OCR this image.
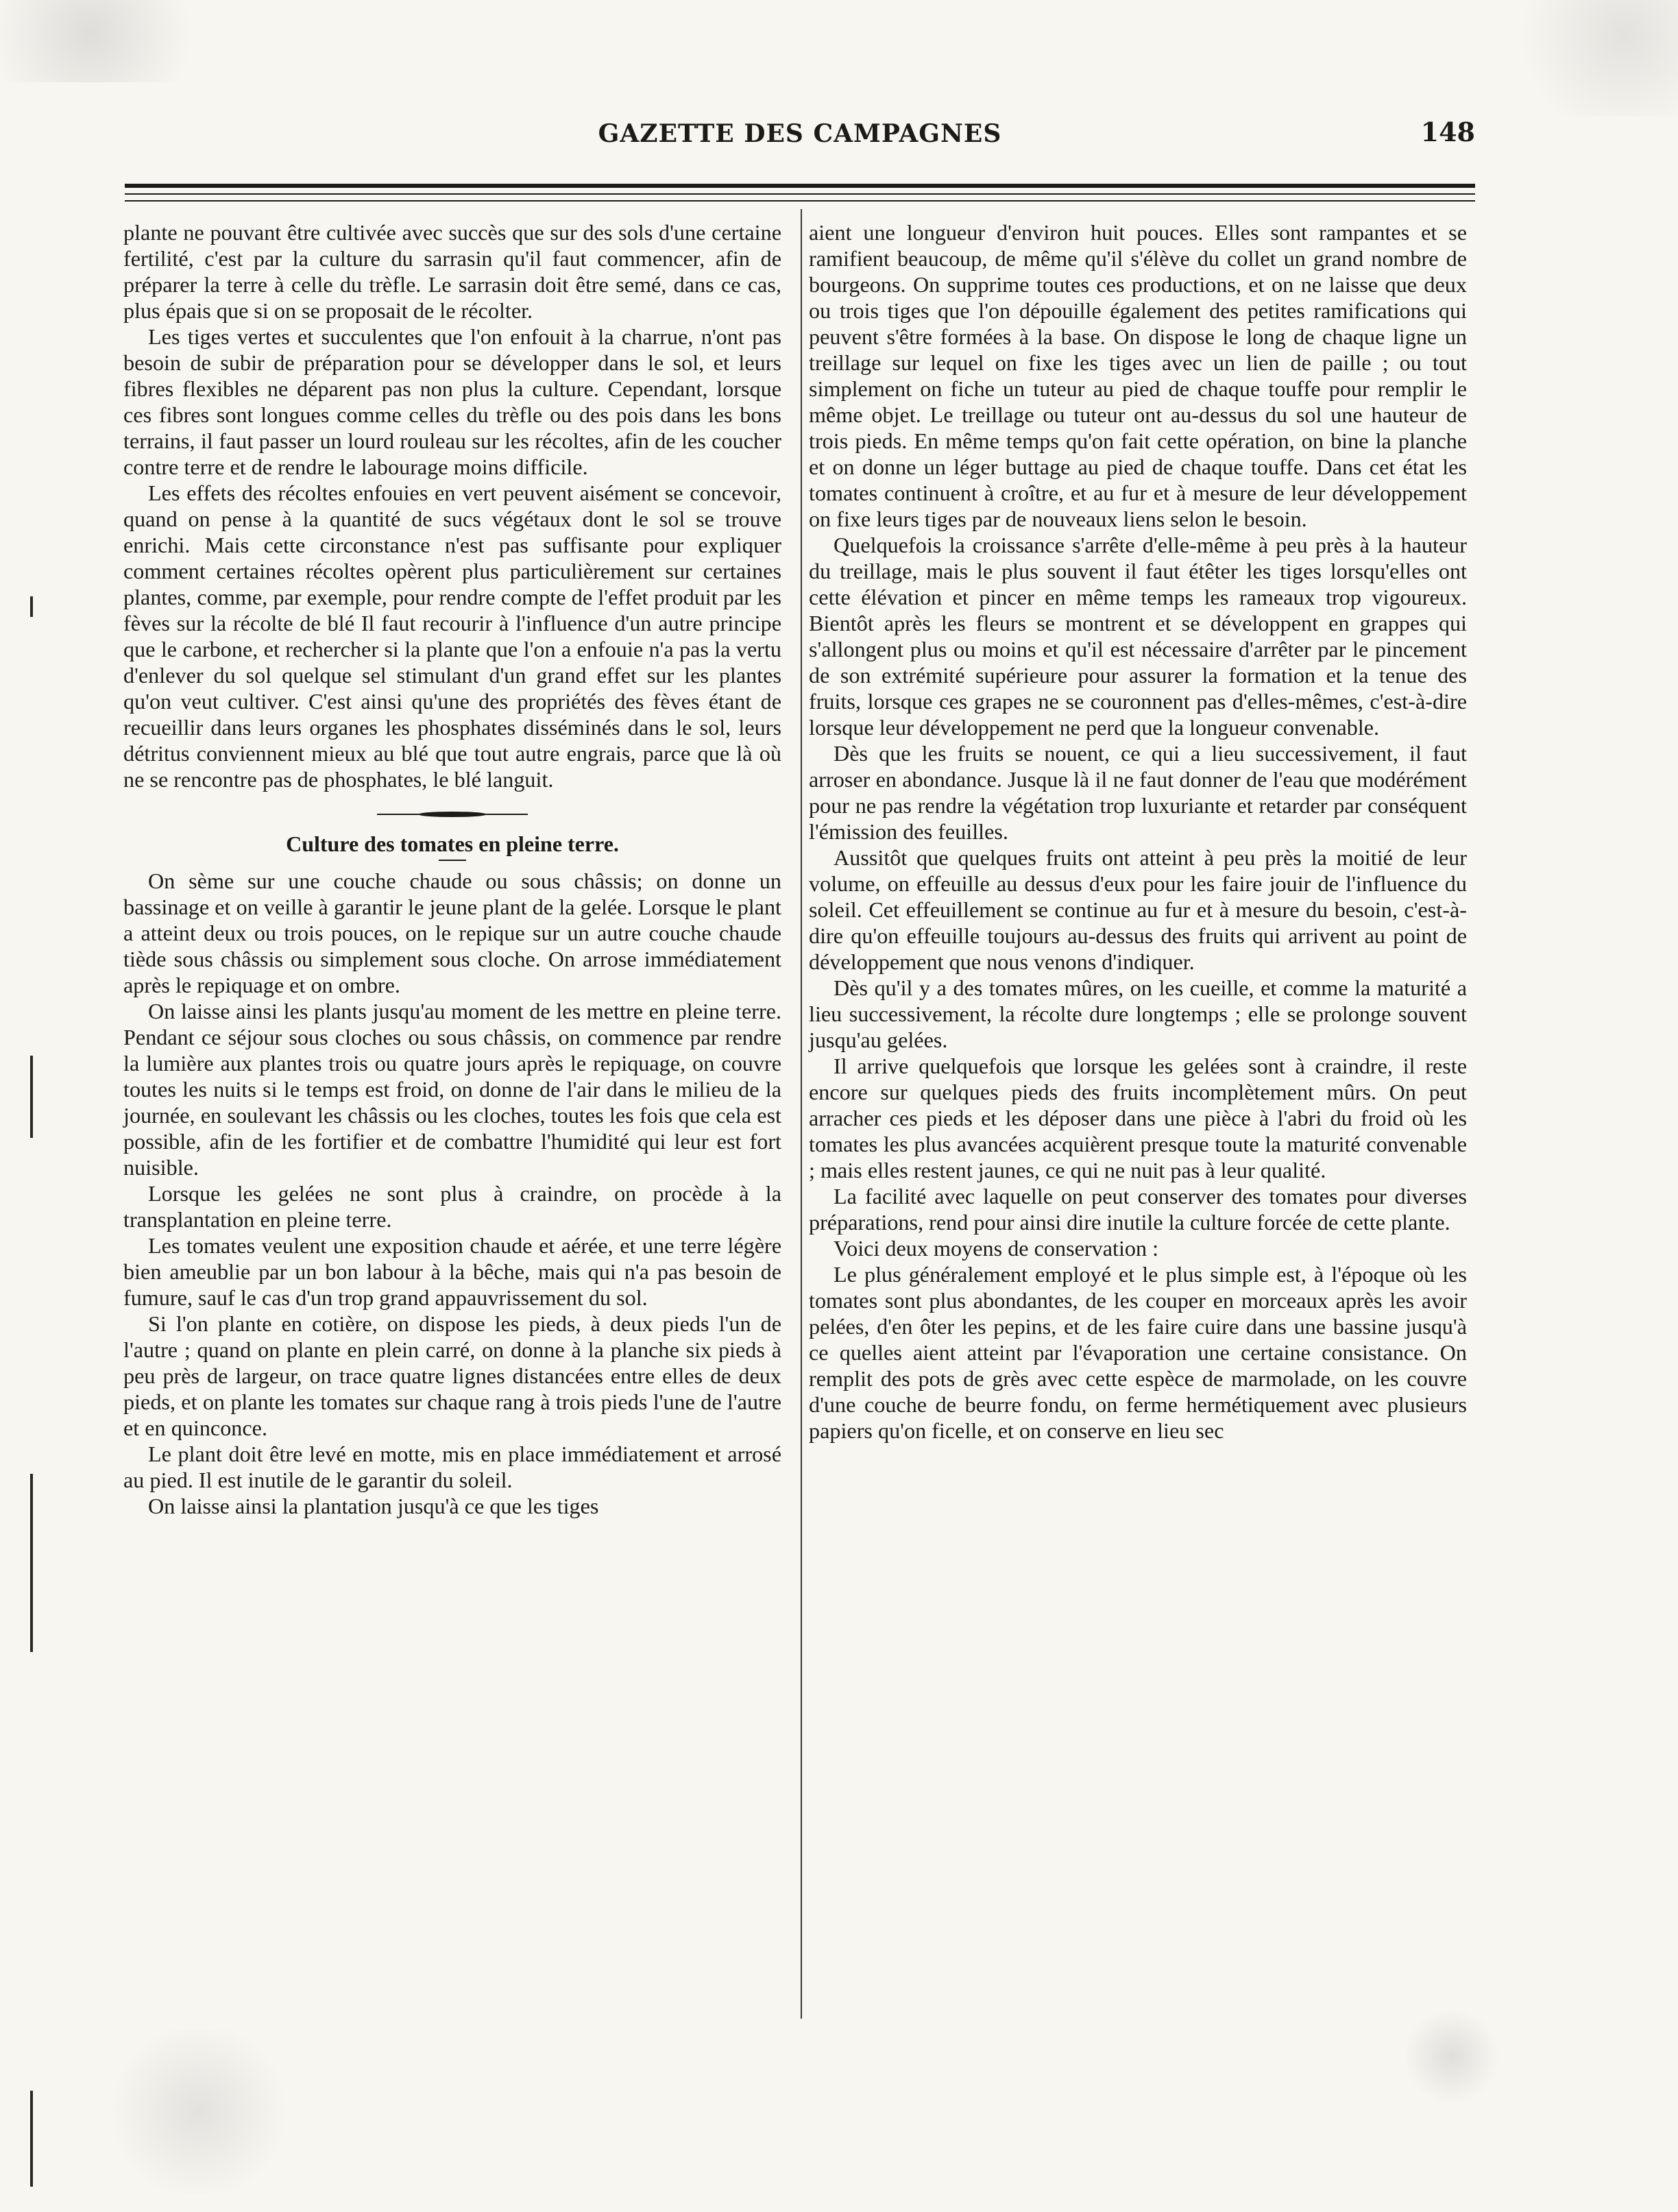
GAZETTE DES CAMPAGNES	148

plante ne pouvant être cultivée avec succès que sur des sols d'une certaine fertilité, c'est par la culture du sarrasin qu'il faut commencer, afin de préparer la terre à celle du trèfle. Le sarrasin doit être semé, dans ce cas, plus épais que si on se proposait de le récolter.

Les tiges vertes et succulentes que l'on enfouit à la charrue, n'ont pas besoin de subir de préparation pour se développer dans le sol, et leurs fibres flexibles ne déparent pas non plus la culture. Cependant, lorsque ces fibres sont longues comme celles du trèfle ou des pois dans les bons terrains, il faut passer un lourd rouleau sur les récoltes, afin de les coucher contre terre et de rendre le labourage moins difficile.

Les effets des récoltes enfouies en vert peuvent aisément se concevoir, quand on pense à la quantité de sucs végétaux dont le sol se trouve enrichi. Mais cette circonstance n'est pas suffisante pour expliquer comment certaines récoltes opèrent plus particulièrement sur certaines plantes, comme, par exemple, pour rendre compte de l'effet produit par les fèves sur la récolte de blé Il faut recourir à l'influence d'un autre principe que le carbone, et rechercher si la plante que l'on a enfouie n'a pas la vertu d'enlever du sol quelque sel stimulant d'un grand effet sur les plantes qu'on veut cultiver. C'est ainsi qu'une des propriétés des fèves étant de recueillir dans leurs organes les phosphates disséminés dans le sol, leurs détritus conviennent mieux au blé que tout autre engrais, parce que là où ne se rencontre pas de phosphates, le blé languit.

Culture des tomates en pleine terre.

On sème sur une couche chaude ou sous châssis; on donne un bassinage et on veille à garantir le jeune plant de la gelée. Lorsque le plant a atteint deux ou trois pouces, on le repique sur un autre couche chaude tiède sous châssis ou simplement sous cloche. On arrose immédiatement après le repiquage et on ombre.

On laisse ainsi les plants jusqu'au moment de les mettre en pleine terre. Pendant ce séjour sous cloches ou sous châssis, on commence par rendre la lumière aux plantes trois ou quatre jours après le repiquage, on couvre toutes les nuits si le temps est froid, on donne de l'air dans le milieu de la journée, en soulevant les châssis ou les cloches, toutes les fois que cela est possible, afin de les fortifier et de combattre l'humidité qui leur est fort nuisible.

Lorsque les gelées ne sont plus à craindre, on procède à la transplantation en pleine terre.

Les tomates veulent une exposition chaude et aérée, et une terre légère bien ameublie par un bon labour à la bêche, mais qui n'a pas besoin de fumure, sauf le cas d'un trop grand appauvrissement du sol.

Si l'on plante en cotière, on dispose les pieds, à deux pieds l'un de l'autre ; quand on plante en plein carré, on donne à la planche six pieds à peu près de largeur, on trace quatre lignes distancées entre elles de deux pieds, et on plante les tomates sur chaque rang à trois pieds l'une de l'autre et en quinconce.

Le plant doit être levé en motte, mis en place immédiatement et arrosé au pied. Il est inutile de le garantir du soleil.

On laisse ainsi la plantation jusqu'à ce que les tiges

aient une longueur d'environ huit pouces. Elles sont rampantes et se ramifient beaucoup, de même qu'il s'élève du collet un grand nombre de bourgeons. On supprime toutes ces productions, et on ne laisse que deux ou trois tiges que l'on dépouille également des petites ramifications qui peuvent s'être formées à la base. On dispose le long de chaque ligne un treillage sur lequel on fixe les tiges avec un lien de paille ; ou tout simplement on fiche un tuteur au pied de chaque touffe pour remplir le même objet. Le treillage ou tuteur ont au-dessus du sol une hauteur de trois pieds. En même temps qu'on fait cette opération, on bine la planche et on donne un léger buttage au pied de chaque touffe. Dans cet état les tomates continuent à croître, et au fur et à mesure de leur développement on fixe leurs tiges par de nouveaux liens selon le besoin.

Quelquefois la croissance s'arrête d'elle-même à peu près à la hauteur du treillage, mais le plus souvent il faut étêter les tiges lorsqu'elles ont cette élévation et pincer en même temps les rameaux trop vigoureux. Bientôt après les fleurs se montrent et se développent en grappes qui s'allongent plus ou moins et qu'il est nécessaire d'arrêter par le pincement de son extrémité supérieure pour assurer la formation et la tenue des fruits, lorsque ces grapes ne se couronnent pas d'elles-mêmes, c'est-à-dire lorsque leur développement ne perd que la longueur convenable.

Dès que les fruits se nouent, ce qui a lieu successivement, il faut arroser en abondance. Jusque là il ne faut donner de l'eau que modérément pour ne pas rendre la végétation trop luxuriante et retarder par conséquent l'émission des feuilles.

Aussitôt que quelques fruits ont atteint à peu près la moitié de leur volume, on effeuille au dessus d'eux pour les faire jouir de l'influence du soleil. Cet effeuillement se continue au fur et à mesure du besoin, c'est-à-dire qu'on effeuille toujours au-dessus des fruits qui arrivent au point de développement que nous venons d'indiquer.

Dès qu'il y a des tomates mûres, on les cueille, et comme la maturité a lieu successivement, la récolte dure longtemps ; elle se prolonge souvent jusqu'au gelées.

Il arrive quelquefois que lorsque les gelées sont à craindre, il reste encore sur quelques pieds des fruits incomplètement mûrs. On peut arracher ces pieds et les déposer dans une pièce à l'abri du froid où les tomates les plus avancées acquièrent presque toute la maturité convenable ; mais elles restent jaunes, ce qui ne nuit pas à leur qualité.

La facilité avec laquelle on peut conserver des tomates pour diverses préparations, rend pour ainsi dire inutile la culture forcée de cette plante.

Voici deux moyens de conservation :

Le plus généralement employé et le plus simple est, à l'époque où les tomates sont plus abondantes, de les couper en morceaux après les avoir pelées, d'en ôter les pepins, et de les faire cuire dans une bassine jusqu'à ce quelles aient atteint par l'évaporation une certaine consistance. On remplit des pots de grès avec cette espèce de marmolade, on les couvre d'une couche de beurre fondu, on ferme hermétiquement avec plusieurs papiers qu'on ficelle, et on conserve en lieu sec
